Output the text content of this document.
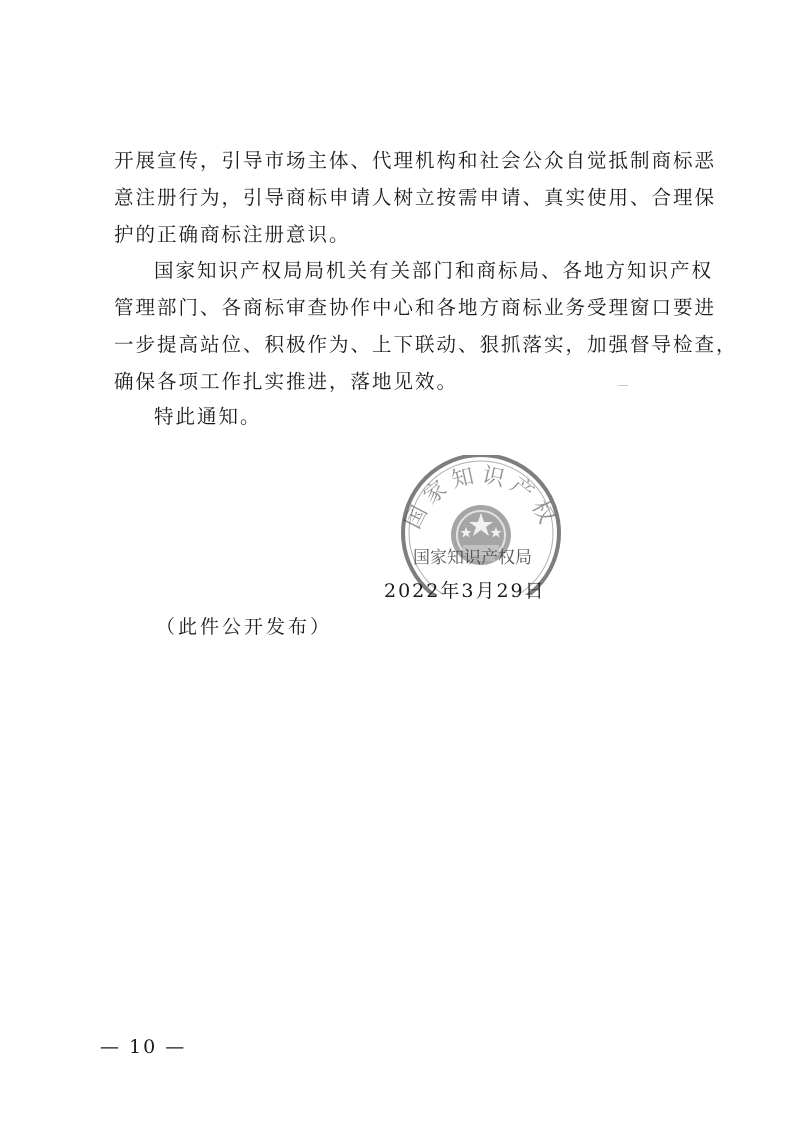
开展宣传，引导市场主体、代理机构和社会公众自觉抵制商标恶
意注册行为，引导商标申请人树立按需申请、真实使用、合理保
护的正确商标注册意识。
国家知识产权局局机关有关部门和商标局、各地方知识产权
管理部门、各商标审查协作中心和各地方商标业务受理窗口要进
一步提高站位、积极作为、上下联动、狠抓落实，加强督导检查，
确保各项工作扎实推进，落地见效。
特此通知。
国家知识产权
国家知识产权局
2022年3月29日
（此件公开发布）
— 10 —
